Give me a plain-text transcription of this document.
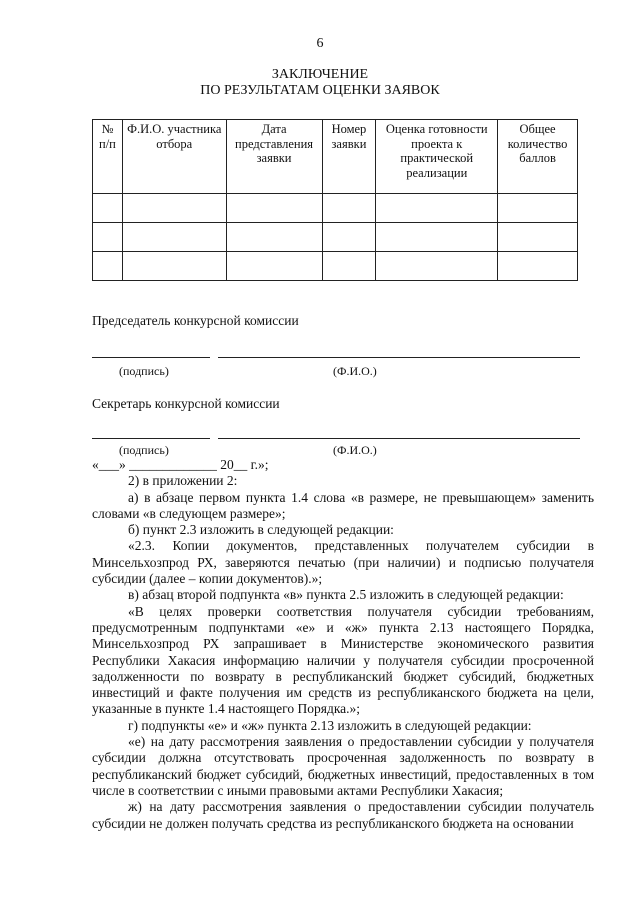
6
ЗАКЛЮЧЕНИЕ
ПО РЕЗУЛЬТАТАМ ОЦЕНКИ ЗАЯВОК
№ п/п	Ф.И.О. участника отбора	Дата представления заявки	Номер заявки	Оценка готовности проекта к практической реализации	Общее количество баллов

Председатель конкурсной комиссии
(подпись)	(Ф.И.О.)
Секретарь конкурсной комиссии
(подпись)	(Ф.И.О.)

«___» _____________ 20__ г.»;

2) в приложении 2:

а) в абзаце первом пункта 1.4 слова «в размере, не превышающем» заменить словами «в следующем размере»;

б) пункт 2.3 изложить в следующей редакции:

«2.3. Копии документов, представленных получателем субсидии в Минсельхозпрод РХ, заверяются печатью (при наличии) и подписью получателя субсидии (далее – копии документов).»;

в) абзац второй подпункта «в» пункта 2.5 изложить в следующей редакции:

«В целях проверки соответствия получателя субсидии требованиям, предусмотренным подпунктами «е» и «ж» пункта 2.13 настоящего Порядка, Минсельхозпрод РХ запрашивает в Министерстве экономического развития Республики Хакасия информацию наличии у получателя субсидии просроченной задолженности по возврату в республиканский бюджет субсидий, бюджетных инвестиций и факте получения им средств из республиканского бюджета на цели, указанные в пункте 1.4 настоящего Порядка.»;

г) подпункты «е» и «ж» пункта 2.13 изложить в следующей редакции:

«е) на дату рассмотрения заявления о предоставлении субсидии у получателя субсидии должна отсутствовать просроченная задолженность по возврату в республиканский бюджет субсидий, бюджетных инвестиций, предоставленных в том числе в соответствии с иными правовыми актами Республики Хакасия;

ж) на дату рассмотрения заявления о предоставлении субсидии получатель субсидии не должен получать средства из республиканского бюджета на основании
